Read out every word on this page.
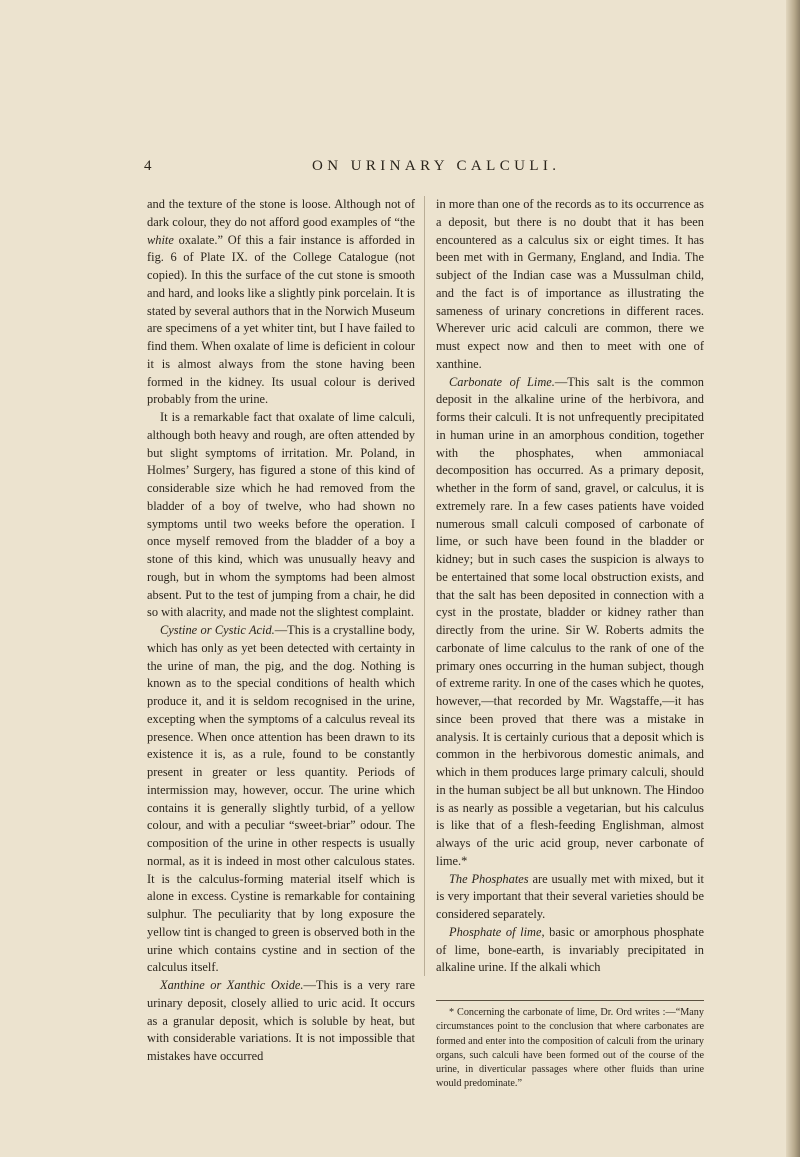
4	ON URINARY CALCULI.

and the texture of the stone is loose. Although not of dark colour, they do not afford good examples of “the white oxalate.” Of this a fair instance is afforded in fig. 6 of Plate IX. of the College Catalogue (not copied). In this the surface of the cut stone is smooth and hard, and looks like a slightly pink porcelain. It is stated by several authors that in the Norwich Museum are specimens of a yet whiter tint, but I have failed to find them. When oxalate of lime is deficient in colour it is almost always from the stone having been formed in the kidney. Its usual colour is derived probably from the urine.

It is a remarkable fact that oxalate of lime calculi, although both heavy and rough, are often attended by but slight symptoms of irritation. Mr. Poland, in Holmes’ Surgery, has figured a stone of this kind of considerable size which he had removed from the bladder of a boy of twelve, who had shown no symptoms until two weeks before the operation. I once myself removed from the bladder of a boy a stone of this kind, which was unusually heavy and rough, but in whom the symptoms had been almost absent. Put to the test of jumping from a chair, he did so with alacrity, and made not the slightest complaint.

Cystine or Cystic Acid.—This is a crystalline body, which has only as yet been detected with certainty in the urine of man, the pig, and the dog. Nothing is known as to the special conditions of health which produce it, and it is seldom recognised in the urine, excepting when the symptoms of a calculus reveal its presence. When once attention has been drawn to its existence it is, as a rule, found to be constantly present in greater or less quantity. Periods of intermission may, however, occur. The urine which contains it is generally slightly turbid, of a yellow colour, and with a peculiar “sweet-briar” odour. The composition of the urine in other respects is usually normal, as it is indeed in most other calculous states. It is the calculus-forming material itself which is alone in excess. Cystine is remarkable for containing sulphur. The peculiarity that by long exposure the yellow tint is changed to green is observed both in the urine which contains cystine and in section of the calculus itself.

Xanthine or Xanthic Oxide.—This is a very rare urinary deposit, closely allied to uric acid. It occurs as a granular deposit, which is soluble by heat, but with considerable variations. It is not impossible that mistakes have occurred

in more than one of the records as to its occurrence as a deposit, but there is no doubt that it has been encountered as a calculus six or eight times. It has been met with in Germany, England, and India. The subject of the Indian case was a Mussulman child, and the fact is of importance as illustrating the sameness of urinary concretions in different races. Wherever uric acid calculi are common, there we must expect now and then to meet with one of xanthine.

Carbonate of Lime.—This salt is the common deposit in the alkaline urine of the herbivora, and forms their calculi. It is not unfrequently precipitated in human urine in an amorphous condition, together with the phosphates, when ammoniacal decomposition has occurred. As a primary deposit, whether in the form of sand, gravel, or calculus, it is extremely rare. In a few cases patients have voided numerous small calculi composed of carbonate of lime, or such have been found in the bladder or kidney; but in such cases the suspicion is always to be entertained that some local obstruction exists, and that the salt has been deposited in connection with a cyst in the prostate, bladder or kidney rather than directly from the urine. Sir W. Roberts admits the carbonate of lime calculus to the rank of one of the primary ones occurring in the human subject, though of extreme rarity. In one of the cases which he quotes, however,—that recorded by Mr. Wagstaffe,—it has since been proved that there was a mistake in analysis. It is certainly curious that a deposit which is common in the herbivorous domestic animals, and which in them produces large primary calculi, should in the human subject be all but unknown. The Hindoo is as nearly as possible a vegetarian, but his calculus is like that of a flesh-feeding Englishman, almost always of the uric acid group, never carbonate of lime.*

The Phosphates are usually met with mixed, but it is very important that their several varieties should be considered separately.

Phosphate of lime, basic or amorphous phosphate of lime, bone-earth, is invariably precipitated in alkaline urine. If the alkali which

* Concerning the carbonate of lime, Dr. Ord writes :—“Many circumstances point to the conclusion that where carbonates are formed and enter into the composition of calculi from the urinary organs, such calculi have been formed out of the course of the urine, in diverticular passages where other fluids than urine would predominate.”
